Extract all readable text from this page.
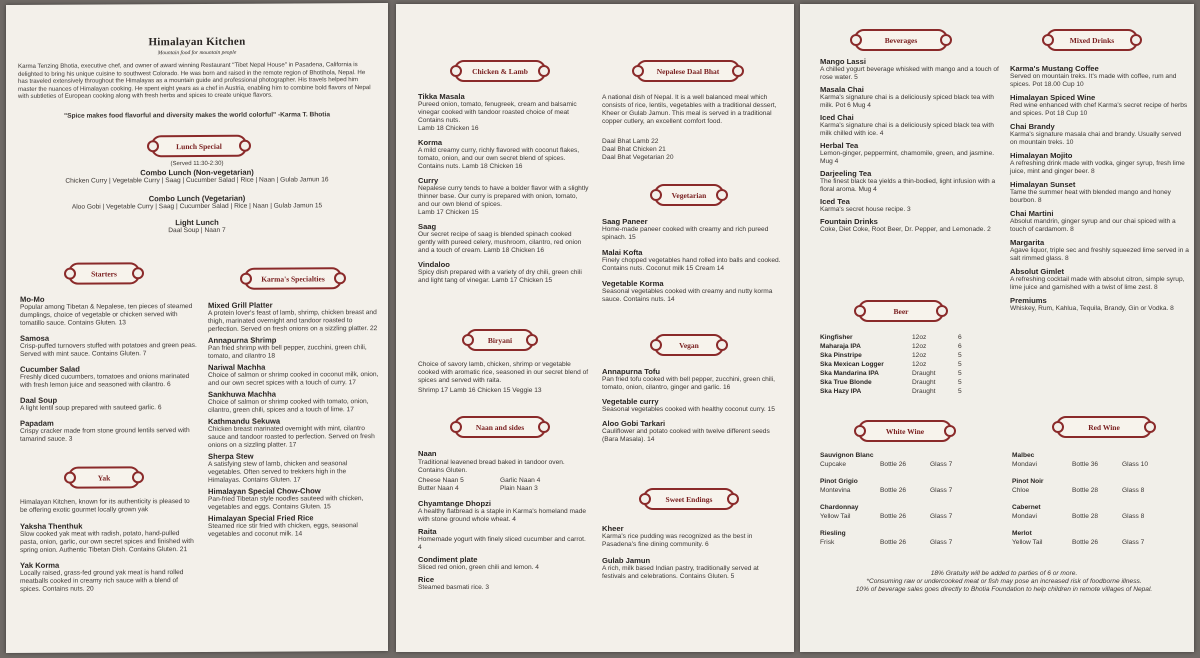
Himalayan Kitchen
Mountain food for mountain people
Karma Tenzing Bhotia, executive chef, and owner of award winning Restaurant "Tibet Nepal House" in Pasadena, California is delighted to bring his unique cuisine to southwest Colorado. He was born and raised in the remote region of Bhotihola, Nepal. He has traveled extensively throughout the Himalayas as a mountain guide and professional photographer. His travels helped him master the nuances of Himalayan cooking. He spent eight years as a chef in Austria, enabling him to combine bold flavors of Nepal with subtleties of European cooking along with fresh herbs and spices to create unique flavors.
"Spice makes food flavorful and diversity makes the world colorful" -Karma T. Bhotia
Lunch Special
(Served 11:30-2:30)
Combo Lunch (Non-vegetarian)
Chicken Curry | Vegetable Curry | Saag | Cucumber Salad | Rice | Naan | Gulab Jamun 16
Combo Lunch (Vegetarian)
Aloo Gobi | Vegetable Curry | Saag | Cucumber Salad | Rice | Naan | Gulab Jamun 15
Light Lunch
Daal Soup | Naan 7
Starters
Karma's Specialties
Mo-Mo
Popular among Tibetan & Nepalese, ten pieces of steamed dumplings, choice of vegetable or chicken served with tomatillo sauce. Contains Gluten. 13
Samosa
Crisp-puffed turnovers stuffed with potatoes and green peas. Served with mint sauce. Contains Gluten. 7
Cucumber Salad
Freshly diced cucumbers, tomatoes and onions marinated with fresh lemon juice and seasoned with cilantro. 6
Daal Soup
A light lentil soup prepared with sauteed garlic. 6
Papadam
Crispy cracker made from stone ground lentils served with tamarind sauce. 3
Mixed Grill Platter
A protein lover's feast of lamb, shrimp, chicken breast and thigh, marinated overnight and tandoor roasted to perfection. Served on fresh onions on a sizzling platter. 22
Annapurna Shrimp
Pan fried shrimp with bell pepper, zucchini, green chili, tomato, and cilantro 18
Nariwal Machha
Choice of salmon or shrimp cooked in coconut milk, onion, and our own secret spices with a touch of curry. 17
Sankhuwa Machha
Choice of salmon or shrimp cooked with tomato, onion, cilantro, green chili, spices and a touch of lime. 17
Kathmandu Sekuwa
Chicken breast marinated overnight with mint, cilantro sauce and tandoor roasted to perfection. Served on fresh onions on a sizzling platter. 17
Sherpa Stew
A satisfying stew of lamb, chicken and seasonal vegetables. Often served to trekkers high in the Himalayas. Contains Gluten. 17
Himalayan Special Chow-Chow
Pan-fried Tibetan style noodles sauteed with chicken, vegetables and eggs. Contains Gluten. 15
Himalayan Special Fried Rice
Steamed rice stir fried with chicken, eggs, seasonal vegetables and coconut milk. 14
Yak
Himalayan Kitchen, known for its authenticity is pleased to be offering exotic gourmet locally grown yak
Yaksha Thenthuk
Slow cooked yak meat with radish, potato, hand-pulled pasta, onion, garlic, our own secret spices and finished with spring onion. Authentic Tibetan Dish. Contains Gluten. 21
Yak Korma
Locally raised, grass-fed ground yak meat is hand rolled meatballs cooked in creamy rich sauce with a blend of spices. Contains nuts. 20
Chicken & Lamb
Tikka Masala
Pureed onion, tomato, fenugreek, cream and balsamic vinegar cooked with tandoor roasted choice of meat Contains nuts.
Lamb 18 Chicken 16
Korma
A mild creamy curry, richly flavored with coconut flakes, tomato, onion, and our own secret blend of spices. Contains nuts. Lamb 18 Chicken 16
Curry
Nepalese curry tends to have a bolder flavor with a slightly thinner base. Our curry is prepared with onion, tomato, and our own blend of spices.
Lamb 17 Chicken 15
Saag
Our secret recipe of saag is blended spinach cooked gently with pureed celery, mushroom, cilantro, red onion and a touch of cream. Lamb 18 Chicken 16
Vindaloo
Spicy dish prepared with a variety of dry chili, green chili and light tang of vinegar. Lamb 17 Chicken 15
Biryani
Choice of savory lamb, chicken, shrimp or vegetable cooked with aromatic rice, seasoned in our secret blend of spices and served with raita.
Shrimp 17 Lamb 16 Chicken 15 Veggie 13
Naan and sides
Naan
Traditional leavened bread baked in tandoor oven. Contains Gluten.
Cheese Naan 5
Butter Naan 4
Garlic Naan 4
Plain Naan 3
Chyamtange Dhopzi
A healthy flatbread is a staple in Karma's homeland made with stone ground whole wheat. 4
Raita
Homemade yogurt with finely sliced cucumber and carrot. 4
Condiment plate
Sliced red onion, green chili and lemon. 4
Rice
Steamed basmati rice. 3
Nepalese Daal Bhat
A national dish of Nepal. It is a well balanced meal which consists of rice, lentils, vegetables with a traditional dessert, Kheer or Gulab Jamun. This meal is served in a traditional copper cutlery, an excellent comfort food.
Daal Bhat Lamb 22
Daal Bhat Chicken 21
Daal Bhat Vegetarian 20
Vegetarian
Saag Paneer
Home-made paneer cooked with creamy and rich pureed spinach. 15
Malai Kofta
Finely chopped vegetables hand rolled into balls and cooked. Contains nuts. Coconut milk 15 Cream 14
Vegetable Korma
Seasonal vegetables cooked with creamy and nutty korma sauce. Contains nuts. 14
Vegan
Annapurna Tofu
Pan fried tofu cooked with bell pepper, zucchini, green chili, tomato, onion, cilantro, ginger and garlic. 16
Vegetable curry
Seasonal vegetables cooked with healthy coconut curry. 15
Aloo Gobi Tarkari
Cauliflower and potato cooked with twelve different seeds (Bara Masala). 14
Sweet Endings
Kheer
Karma's rice pudding was recognized as the best in Pasadena's fine dining community. 6
Gulab Jamun
A rich, milk based Indian pastry, traditionally served at festivals and celebrations. Contains Gluten. 5
Beverages
Mango Lassi
A chilled yogurt beverage whisked with mango and a touch of rose water. 5
Masala Chai
Karma's signature chai is a deliciously spiced black tea with milk. Pot 6 Mug 4
Iced Chai
Karma's signature chai is a deliciously spiced black tea with milk chilled with ice. 4
Herbal Tea
Lemon-ginger, peppermint, chamomile, green, and jasmine. Mug 4
Darjeeling Tea
The finest black tea yields a thin-bodied, light infusion with a floral aroma. Mug 4
Iced Tea
Karma's secret house recipe. 3
Fountain Drinks
Coke, Diet Coke, Root Beer, Dr. Pepper, and Lemonade. 2
Beer
Kingfisher	12oz	6
Maharaja IPA	12oz	6
Ska Pinstripe	12oz	5
Ska Mexican Logger	12oz	5
Ska Mandarina IPA	Draught	5
Ska True Blonde	Draught	5
Ska Hazy IPA	Draught	5
White Wine
Sauvignon Blanc
Cupcake	Bottle 26	Glass 7
Pinot Grigio
Montevina	Bottle 26	Glass 7
Chardonnay
Yellow Tail	Bottle 26	Glass 7
Riesling
Frisk	Bottle 26	Glass 7
Mixed Drinks
Karma's Mustang Coffee
Served on mountain treks. It's made with coffee, rum and spices. Pot 18.00 Cup 10
Himalayan Spiced Wine
Red wine enhanced with chef Karma's secret recipe of herbs and spices. Pot 18 Cup 10
Chai Brandy
Karma's signature masala chai and brandy. Usually served on mountain treks. 10
Himalayan Mojito
A refreshing drink made with vodka, ginger syrup, fresh lime juice, mint and ginger beer. 8
Himalayan Sunset
Tame the summer heat with blended mango and honey bourbon. 8
Chai Martini
Absolut mandrin, ginger syrup and our chai spiced with a touch of cardamom. 8
Margarita
Agave liquor, triple sec and freshly squeezed lime served in a salt rimmed glass. 8
Absolut Gimlet
A refreshing cocktail made with absolut citron, simple syrup, lime juice and garnished with a twist of lime zest. 8
Premiums
Whiskey, Rum, Kahlua, Tequila, Brandy, Gin or Vodka. 8
Red Wine
Malbec
Mondavi	Bottle 36	Glass 10
Pinot Noir
Chloe	Bottle 28	Glass 8
Cabernet
Mondavi	Bottle 28	Glass 8
Merlot
Yellow Tail	Bottle 26	Glass 7
18% Gratuity will be added to parties of 6 or more.
*Consuming raw or undercooked meat or fish may pose an increased risk of foodborne illness.
10% of beverage sales goes directly to Bhotia Foundation to help children in remote villages of Nepal.
